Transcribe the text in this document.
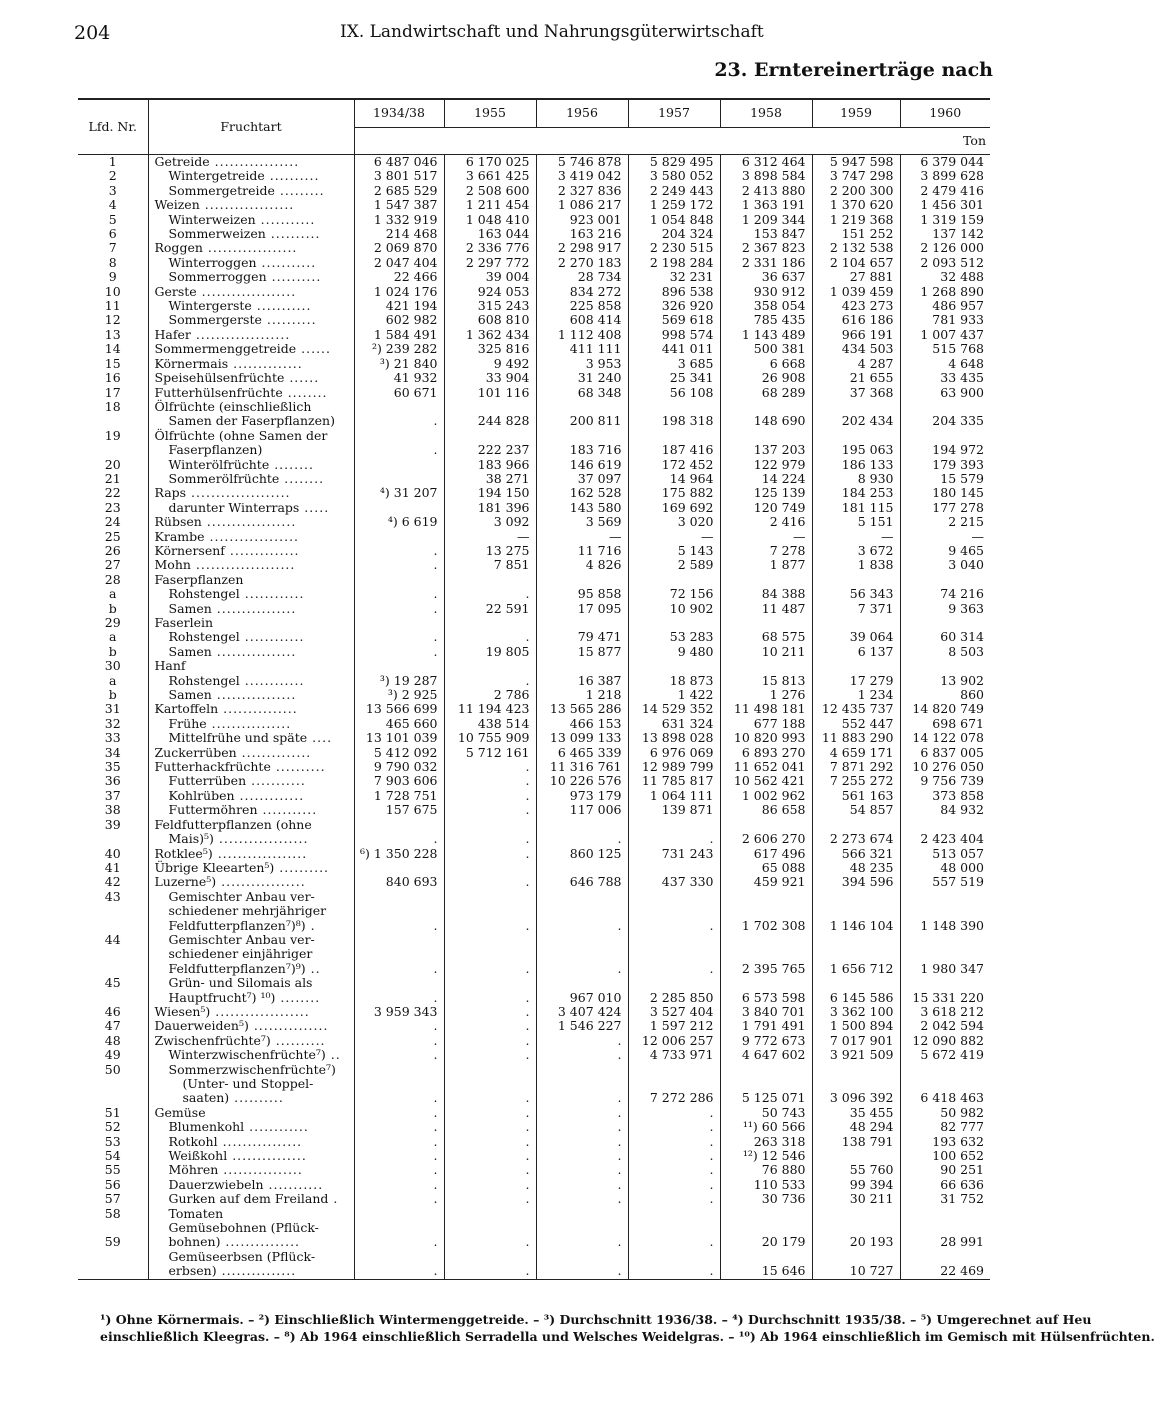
204	IX. Landwirtschaft und Nahrungsgüterwirtschaft
23. Erntereinerträge nach
Lfd. Nr.	Fruchtart	1934/38	1955	1956	1957	1958	1959	1960
		Ton						
1	Getreide .................	6 487 046	6 170 025	5 746 878	5 829 495	6 312 464	5 947 598	6 379 044
2	Wintergetreide ..........	3 801 517	3 661 425	3 419 042	3 580 052	3 898 584	3 747 298	3 899 628
3	Sommergetreide .........	2 685 529	2 508 600	2 327 836	2 249 443	2 413 880	2 200 300	2 479 416
4	Weizen ..................	1 547 387	1 211 454	1 086 217	1 259 172	1 363 191	1 370 620	1 456 301
5	Winterweizen ...........	1 332 919	1 048 410	923 001	1 054 848	1 209 344	1 219 368	1 319 159
6	Sommerweizen ..........	214 468	163 044	163 216	204 324	153 847	151 252	137 142
7	Roggen ..................	2 069 870	2 336 776	2 298 917	2 230 515	2 367 823	2 132 538	2 126 000
8	Winterroggen ...........	2 047 404	2 297 772	2 270 183	2 198 284	2 331 186	2 104 657	2 093 512
9	Sommerroggen ..........	22 466	39 004	28 734	32 231	36 637	27 881	32 488
10	Gerste ...................	1 024 176	924 053	834 272	896 538	930 912	1 039 459	1 268 890
11	Wintergerste ...........	421 194	315 243	225 858	326 920	358 054	423 273	486 957
12	Sommergerste ..........	602 982	608 810	608 414	569 618	785 435	616 186	781 933
13	Hafer ...................	1 584 491	1 362 434	1 112 408	998 574	1 143 489	966 191	1 007 437
14	Sommermenggetreide ......	²) 239 282	325 816	411 111	441 011	500 381	434 503	515 768
15	Körnermais ..............	³) 21 840	9 492	3 953	3 685	6 668	4 287	4 648
16	Speisehülsenfrüchte ......	41 932	33 904	31 240	25 341	26 908	21 655	33 435
17	Futterhülsenfrüchte ........	60 671	101 116	68 348	56 108	68 289	37 368	63 900
18	Ölfrüchte (einschließlich							
	Samen der Faserpflanzen)	.	244 828	200 811	198 318	148 690	202 434	204 335
19	Ölfrüchte (ohne Samen der							
	Faserpflanzen)	.	222 237	183 716	187 416	137 203	195 063	194 972
20	Winterölfrüchte ........		183 966	146 619	172 452	122 979	186 133	179 393
21	Sommerölfrüchte ........		38 271	37 097	14 964	14 224	8 930	15 579
22	Raps ....................	⁴) 31 207	194 150	162 528	175 882	125 139	184 253	180 145
23	darunter Winterraps .....		181 396	143 580	169 692	120 749	181 115	177 278
24	Rübsen ..................	⁴) 6 619	3 092	3 569	3 020	2 416	5 151	2 215
25	Krambe ..................		—	—	—	—	—	—
26	Körnersenf ..............	.	13 275	11 716	5 143	7 278	3 672	9 465
27	Mohn ....................	.	7 851	4 826	2 589	1 877	1 838	3 040
28	Faserpflanzen							
a	Rohstengel ............	.	.	95 858	72 156	84 388	56 343	74 216
b	Samen ................	.	22 591	17 095	10 902	11 487	7 371	9 363
29	Faserlein							
a	Rohstengel ............	.	.	79 471	53 283	68 575	39 064	60 314
b	Samen ................	.	19 805	15 877	9 480	10 211	6 137	8 503
30	Hanf							
a	Rohstengel ............	³) 19 287	.	16 387	18 873	15 813	17 279	13 902
b	Samen ................	³) 2 925	2 786	1 218	1 422	1 276	1 234	860
31	Kartoffeln ...............	13 566 699	11 194 423	13 565 286	14 529 352	11 498 181	12 435 737	14 820 749
32	Frühe ................	465 660	438 514	466 153	631 324	677 188	552 447	698 671
33	Mittelfrühe und späte ....	13 101 039	10 755 909	13 099 133	13 898 028	10 820 993	11 883 290	14 122 078
34	Zuckerrüben ..............	5 412 092	5 712 161	6 465 339	6 976 069	6 893 270	4 659 171	6 837 005
35	Futterhackfrüchte ..........	9 790 032	.	11 316 761	12 989 799	11 652 041	7 871 292	10 276 050
36	Futterrüben ...........	7 903 606	.	10 226 576	11 785 817	10 562 421	7 255 272	9 756 739
37	Kohlrüben .............	1 728 751	.	973 179	1 064 111	1 002 962	561 163	373 858
38	Futtermöhren ...........	157 675	.	117 006	139 871	86 658	54 857	84 932
39	Feldfutterpflanzen (ohne							
	Mais)⁵) ..................	.	.	.	.	2 606 270	2 273 674	2 423 404
40	Rotklee⁵) ..................	⁶) 1 350 228	.	860 125	731 243	617 496	566 321	513 057
41	Übrige Kleearten⁵) ..........					65 088	48 235	48 000
42	Luzerne⁵) .................	840 693	.	646 788	437 330	459 921	394 596	557 519
43	Gemischter Anbau ver-							
	schiedener mehrjähriger							
	Feldfutterpflanzen⁷)⁸) .	.	.	.	.	1 702 308	1 146 104	1 148 390
44	Gemischter Anbau ver-							
	schiedener einjähriger							
	Feldfutterpflanzen⁷)⁹) ..	.	.	.	.	2 395 765	1 656 712	1 980 347
45	Grün- und Silomais als							
	Hauptfrucht⁷) ¹⁰) ........	.	.	967 010	2 285 850	6 573 598	6 145 586	15 331 220
46	Wiesen⁵) ...................	3 959 343	.	3 407 424	3 527 404	3 840 701	3 362 100	3 618 212
47	Dauerweiden⁵) ...............	.	.	1 546 227	1 597 212	1 791 491	1 500 894	2 042 594
48	Zwischenfrüchte⁷) ..........	.	.	.	12 006 257	9 772 673	7 017 901	12 090 882
49	Winterzwischenfrüchte⁷) ..	.	.	.	4 733 971	4 647 602	3 921 509	5 672 419
50	Sommerzwischenfrüchte⁷)							
	(Unter- und Stoppel-							
	saaten) ..........	.	.	.	7 272 286	5 125 071	3 096 392	6 418 463
51	Gemüse	.	.	.	.	50 743	35 455	50 982
52	Blumenkohl ............	.	.	.	.	¹¹) 60 566	48 294	82 777
53	Rotkohl ................	.	.	.	.	263 318	138 791	193 632
54	Weißkohl ...............	.	.	.	.	¹²) 12 546		100 652
55	Möhren ................	.	.	.	.	76 880	55 760	90 251
56	Dauerzwiebeln ...........	.	.	.	.	110 533	99 394	66 636
57	Gurken auf dem Freiland .	.	.	.	.	30 736	30 211	31 752
58	Tomaten							
	Gemüsebohnen (Pflück-							
59	bohnen) ...............	.	.	.	.	20 179	20 193	28 991
	Gemüseerbsen (Pflück-							
	erbsen) ...............	.	.	.	.	15 646	10 727	22 469
¹) Ohne Körnermais. – ²) Einschließlich Wintermenggetreide. – ³) Durchschnitt 1936/38. – ⁴) Durchschnitt 1935/38. – ⁵) Umgerechnet auf Heu
einschließlich Kleegras. – ⁸) Ab 1964 einschließlich Serradella und Welsches Weidelgras. – ¹⁰) Ab 1964 einschließlich im Gemisch mit Hülsenfrüchten.
